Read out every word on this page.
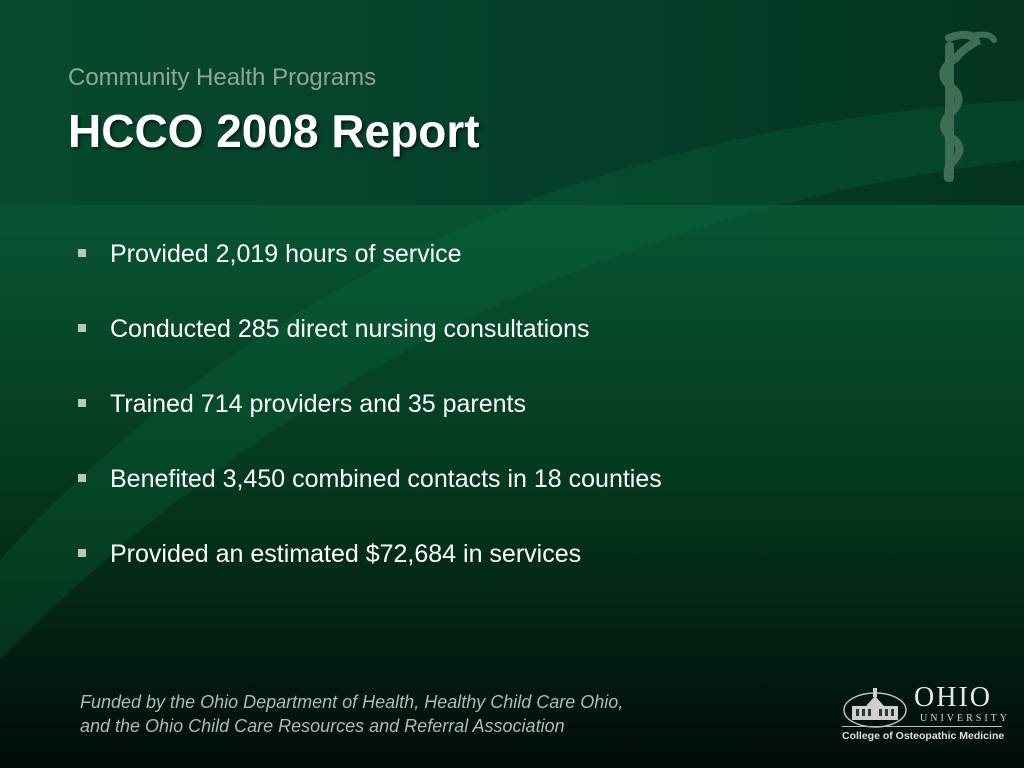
Community Health Programs
HCCO 2008 Report
Provided 2,019 hours of service
Conducted 285 direct nursing consultations
Trained 714 providers and 35 parents
Benefited 3,450 combined contacts in 18 counties
Provided an estimated $72,684 in services
Funded by the Ohio Department of Health, Healthy Child Care Ohio,
and the Ohio Child Care Resources and Referral Association
OHIO
UNIVERSITY
College of Osteopathic Medicine
